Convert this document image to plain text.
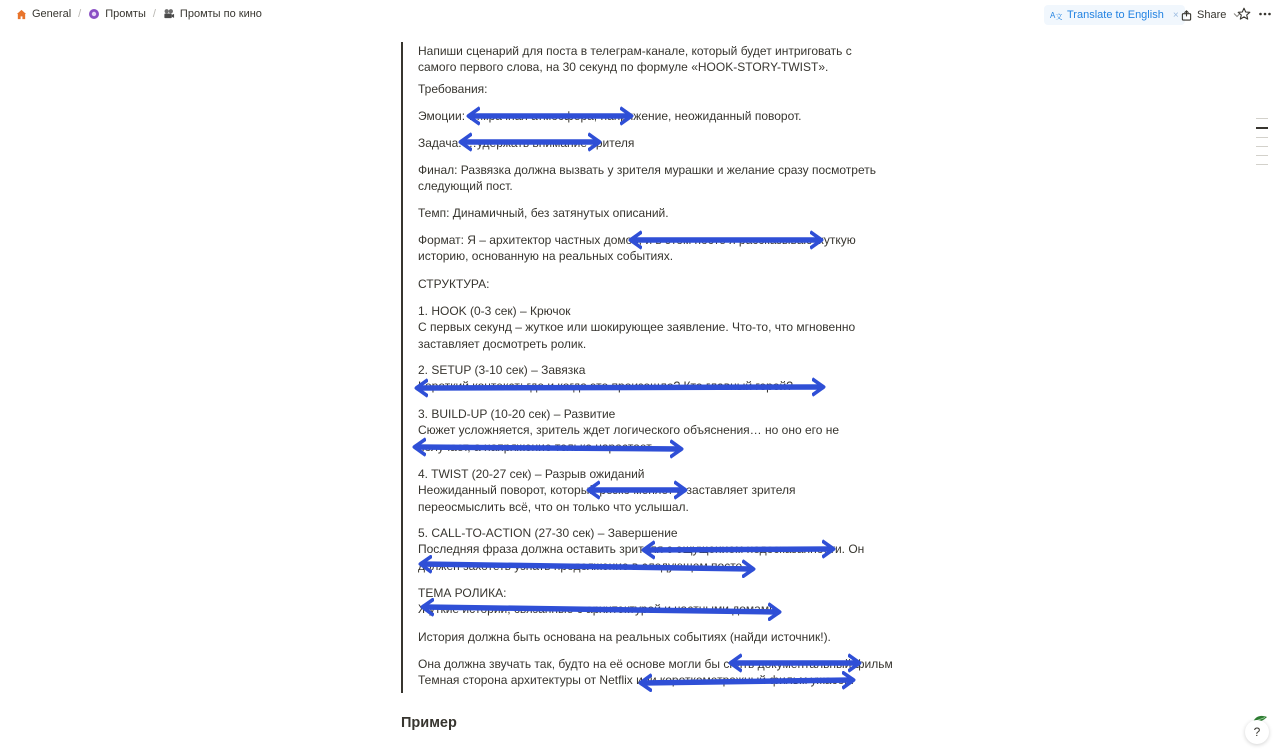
General / Промты / Промты по кино	A 文 Translate to English × Share
Напиши сценарий для поста в телеграм-канале, который будет интриговать с
самого первого слова, на 30 секунд по формуле «HOOK-STORY-TWIST».
Требования:
Эмоции: …мрачная атмосфера, напряжение, неожиданный поворот.
Задача: …удержать внимание зрителя
Финал: Развязка должна вызвать у зрителя мурашки и желание сразу посмотреть
следующий пост.
Темп: Динамичный, без затянутых описаний.
Формат: Я – архитектор частных домов, и в этом посте я рассказываю жуткую
историю, основанную на реальных событиях.
СТРУКТУРА:
1. HOOK (0-3 сек) – Крючок
С первых секунд – жуткое или шокирующее заявление. Что-то, что мгновенно
заставляет досмотреть ролик.
2. SETUP (3-10 сек) – Завязка
Короткий контекст: где и когда это произошло? Кто главный герой?
3. BUILD-UP (10-20 сек) – Развитие
Сюжет усложняется, зритель ждет логического объяснения… но оно его не
получает, а напряжение только нарастает.
4. TWIST (20-27 сек) – Разрыв ожиданий
Неожиданный поворот, который резко меняет и заставляет зрителя
переосмыслить всё, что он только что услышал.
5. CALL-TO-ACTION (27-30 сек) – Завершение
Последняя фраза должна оставить зрителя с ощущением недосказанности. Он
должен захотеть узнать продолжение в следующем посте.
ТЕМА РОЛИКА:
Жуткие истории, связанные с архитектурой и частными домами.
История должна быть основана на реальных событиях (найди источник!).
Она должна звучать так, будто на её основе могли бы снять документальный фильм
Темная сторона архитектуры от Netflix или короткометражный фильм ужасов.
Пример
?
